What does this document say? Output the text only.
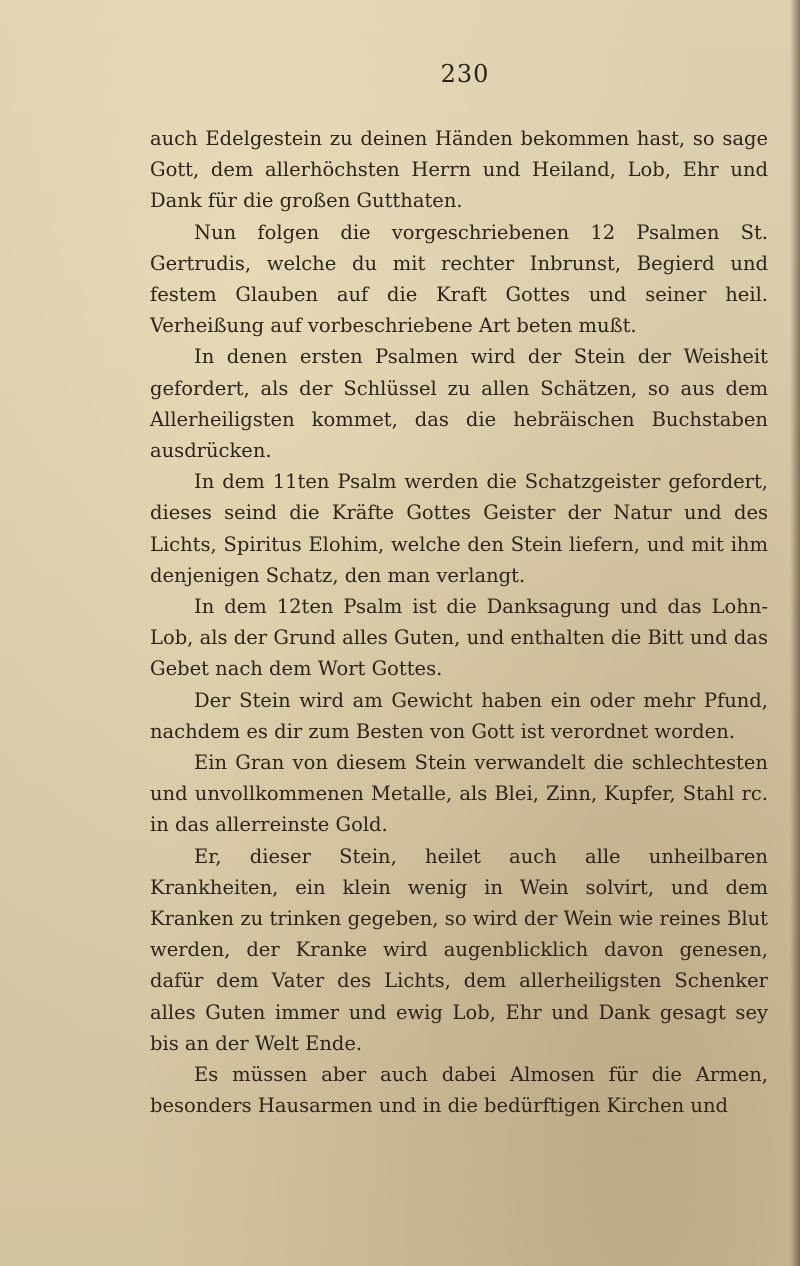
230

auch Edelgestein zu deinen Händen bekommen hast, so sage Gott, dem allerhöchsten Herrn und Heiland, Lob, Ehr und Dank für die großen Gutthaten.

Nun folgen die vorgeschriebenen 12 Psalmen St. Gertrudis, welche du mit rechter Inbrunst, Begierd und festem Glauben auf die Kraft Gottes und seiner heil. Verheißung auf vorbeschriebene Art beten mußt.

In denen ersten Psalmen wird der Stein der Weisheit gefordert, als der Schlüssel zu allen Schätzen, so aus dem Allerheiligsten kommet, das die hebräischen Buchstaben ausdrücken.

In dem 11ten Psalm werden die Schatzgeister gefordert, dieses seind die Kräfte Gottes Geister der Natur und des Lichts, Spiritus Elohim, welche den Stein liefern, und mit ihm denjenigen Schatz, den man verlangt.

In dem 12ten Psalm ist die Danksagung und das Lohn-Lob, als der Grund alles Guten, und enthalten die Bitt und das Gebet nach dem Wort Gottes.

Der Stein wird am Gewicht haben ein oder mehr Pfund, nachdem es dir zum Besten von Gott ist verordnet worden.

Ein Gran von diesem Stein verwandelt die schlechtesten und unvollkommenen Metalle, als Blei, Zinn, Kupfer, Stahl rc. in das allerreinste Gold.

Er, dieser Stein, heilet auch alle unheilbaren Krankheiten, ein klein wenig in Wein solvirt, und dem Kranken zu trinken gegeben, so wird der Wein wie reines Blut werden, der Kranke wird augenblicklich davon genesen, dafür dem Vater des Lichts, dem allerheiligsten Schenker alles Guten immer und ewig Lob, Ehr und Dank gesagt sey bis an der Welt Ende.

Es müssen aber auch dabei Almosen für die Armen, besonders Hausarmen und in die bedürftigen Kirchen und
